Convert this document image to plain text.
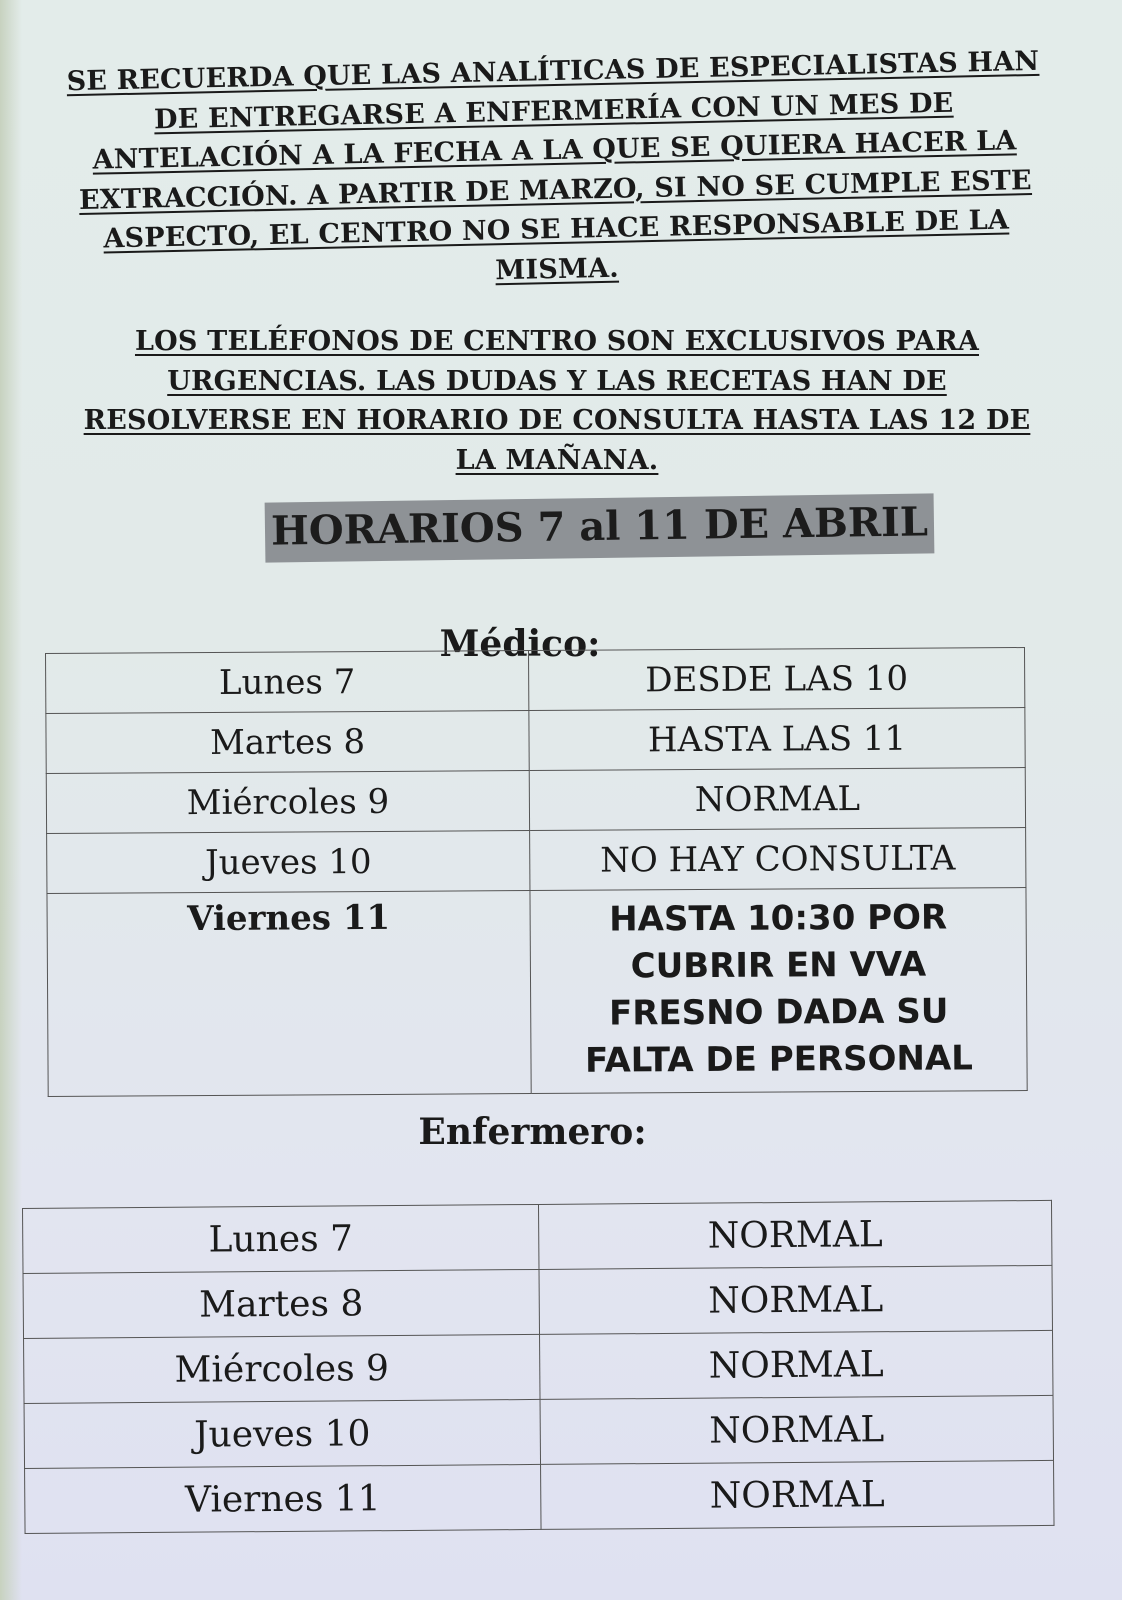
SE RECUERDA QUE LAS ANALÍTICAS DE ESPECIALISTAS HAN

DE ENTREGARSE A ENFERMERÍA CON UN MES DE

ANTELACIÓN A LA FECHA A LA QUE SE QUIERA HACER LA

EXTRACCIÓN. A PARTIR DE MARZO, SI NO SE CUMPLE ESTE

ASPECTO, EL CENTRO NO SE HACE RESPONSABLE DE LA

MISMA.

LOS TELÉFONOS DE CENTRO SON EXCLUSIVOS PARA

URGENCIAS. LAS DUDAS Y LAS RECETAS HAN DE

RESOLVERSE EN HORARIO DE CONSULTA HASTA LAS 12 DE

LA MAÑANA.

HORARIOS 7 al 11 DE ABRIL
Médico:
Lunes 7	DESDE LAS 10
Martes 8	HASTA LAS 11
Miércoles 9	NORMAL
Jueves 10	NO HAY CONSULTA
Viernes 11	HASTA 10:30 POR
CUBRIR EN VVA
FRESNO DADA SU
FALTA DE PERSONAL
Enfermero:
Lunes 7	NORMAL
Martes 8	NORMAL
Miércoles 9	NORMAL
Jueves 10	NORMAL
Viernes 11	NORMAL
